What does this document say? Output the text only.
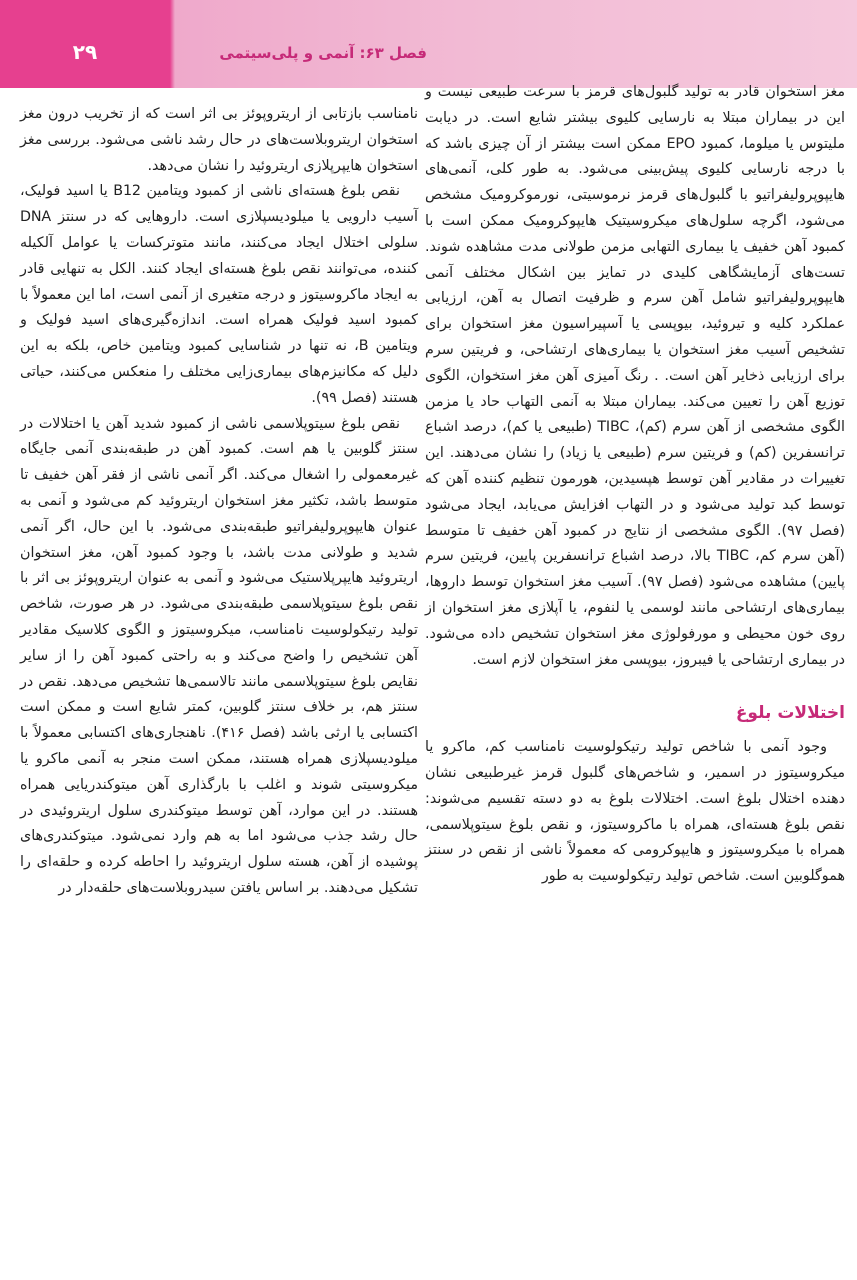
۲۹	فصل ۶۳: آنمی و پلی‌سیتمی

مغز استخوان قادر به تولید گلبول‌های قرمز با سرعت طبیعی نیست و این در بیماران مبتلا به نارسایی کلیوی بیشتر شایع است. در دیابت ملیتوس یا میلوما، کمبود EPO ممکن است بیشتر از آن چیزی باشد که با درجه نارسایی کلیوی پیش‌بینی می‌شود. به طور کلی، آنمی‌های هایپوپرولیفراتیو با گلبول‌های قرمز نرموسیتی، نورموکرومیک مشخص می‌شود، اگرچه سلول‌های میکروسیتیک هایپوکرومیک ممکن است با کمبود آهن خفیف یا بیماری التهابی مزمن طولانی مدت مشاهده شوند. تست‌های آزمایشگاهی کلیدی در تمایز بین اشکال مختلف آنمی هایپوپرولیفراتیو شامل آهن سرم و ظرفیت اتصال به آهن، ارزیابی عملکرد کلیه و تیروئید، بیوپسی یا آسپیراسیون مغز استخوان برای تشخیص آسیب مغز استخوان یا بیماری‌های ارتشاحی، و فریتین سرم برای ارزیابی ذخایر آهن است. . رنگ آمیزی آهن مغز استخوان، الگوی توزیع آهن را تعیین می‌کند. بیماران مبتلا به آنمی التهاب حاد یا مزمن الگوی مشخصی از آهن سرم (کم)، TIBC (طبیعی یا کم)، درصد اشباع ترانسفرین (کم) و فریتین سرم (طبیعی یا زیاد) را نشان می‌دهند. این تغییرات در مقادیر آهن توسط هپسیدین، هورمون تنظیم کننده آهن که توسط کبد تولید می‌شود و در التهاب افزایش می‌یابد، ایجاد می‌شود (فصل ۹۷). الگوی مشخصی از نتایج در کمبود آهن خفیف تا متوسط (آهن سرم کم، TIBC بالا، درصد اشباع ترانسفرین پایین، فریتین سرم پایین) مشاهده می‌شود (فصل ۹۷). آسیب مغز استخوان توسط داروها، بیماری‌های ارتشاحی مانند لوسمی یا لنفوم، یا آپلازی مغز استخوان از روی خون محیطی و مورفولوژی مغز استخوان تشخیص داده می‌شود. در بیماری ارتشاحی یا فیبروز، بیوپسی مغز استخوان لازم است.

اختلالات بلوغ

وجود آنمی با شاخص تولید رتیکولوسیت نامناسب کم، ماکرو یا میکروسیتوز در اسمیر، و شاخص‌های گلبول قرمز غیرطبیعی نشان دهنده اختلال بلوغ است. اختلالات بلوغ به دو دسته تقسیم می‌شوند: نقص بلوغ هسته‌ای، همراه با ماکروسیتوز، و نقص بلوغ سیتوپلاسمی، همراه با میکروسیتوز و هایپوکرومی که معمولاً ناشی از نقص در سنتز هموگلوبین است. شاخص تولید رتیکولوسیت به طور

نامناسب بازتابی از اریتروپوئز بی اثر است که از تخریب درون مغز استخوان اریتروبلاست‌های در حال رشد ناشی می‌شود. بررسی مغز استخوان هایپرپلازی اریتروئید را نشان می‌دهد.

نقص بلوغ هسته‌ای ناشی از کمبود ویتامین B12 یا اسید فولیک، آسیب دارویی یا میلودیسپلازی است. داروهایی که در سنتز DNA سلولی اختلال ایجاد می‌کنند، مانند متوترکسات یا عوامل آلکیله کننده، می‌توانند نقص بلوغ هسته‌ای ایجاد کنند. الکل به تنهایی قادر به ایجاد ماکروسیتوز و درجه متغیری از آنمی است، اما این معمولاً با کمبود اسید فولیک همراه است. اندازه‌گیری‌های اسید فولیک و ویتامین B، نه تنها در شناسایی کمبود ویتامین خاص، بلکه به این دلیل که مکانیزم‌های بیماری‌زایی مختلف را منعکس می‌کنند، حیاتی هستند (فصل ۹۹).

نقص بلوغ سیتوپلاسمی ناشی از کمبود شدید آهن یا اختلالات در سنتز گلوبین یا هم است. کمبود آهن در طبقه‌بندی آنمی جایگاه غیرمعمولی را اشغال می‌کند. اگر آنمی ناشی از فقر آهن خفیف تا متوسط باشد، تکثیر مغز استخوان اریتروئید کم می‌شود و آنمی به عنوان هایپوپرولیفراتیو طبقه‌بندی می‌شود. با این حال، اگر آنمی شدید و طولانی مدت باشد، با وجود کمبود آهن، مغز استخوان اریتروئید هایپرپلاستیک می‌شود و آنمی به عنوان اریتروپوئز بی اثر با نقص بلوغ سیتوپلاسمی طبقه‌بندی می‌شود. در هر صورت، شاخص تولید رتیکولوسیت نامناسب، میکروسیتوز و الگوی کلاسیک مقادیر آهن تشخیص را واضح می‌کند و به راحتی کمبود آهن را از سایر نقایص بلوغ سیتوپلاسمی مانند تالاسمی‌ها تشخیص می‌دهد. نقص در سنتز هم، بر خلاف سنتز گلوبین، کمتر شایع است و ممکن است اکتسابی یا ارثی باشد (فصل ۴۱۶). ناهنجاری‌های اکتسابی معمولاً با میلودیسپلازی همراه هستند، ممکن است منجر به آنمی ماکرو یا میکروسیتی شوند و اغلب با بارگذاری آهن میتوکندریایی همراه هستند. در این موارد، آهن توسط میتوکندری سلول اریتروئیدی در حال رشد جذب می‌شود اما به هم وارد نمی‌شود. میتوکندری‌های پوشیده از آهن، هسته سلول اریتروئید را احاطه کرده و حلقه‌ای را تشکیل می‌دهند. بر اساس یافتن سیدروبلاست‌های حلقه‌دار در
